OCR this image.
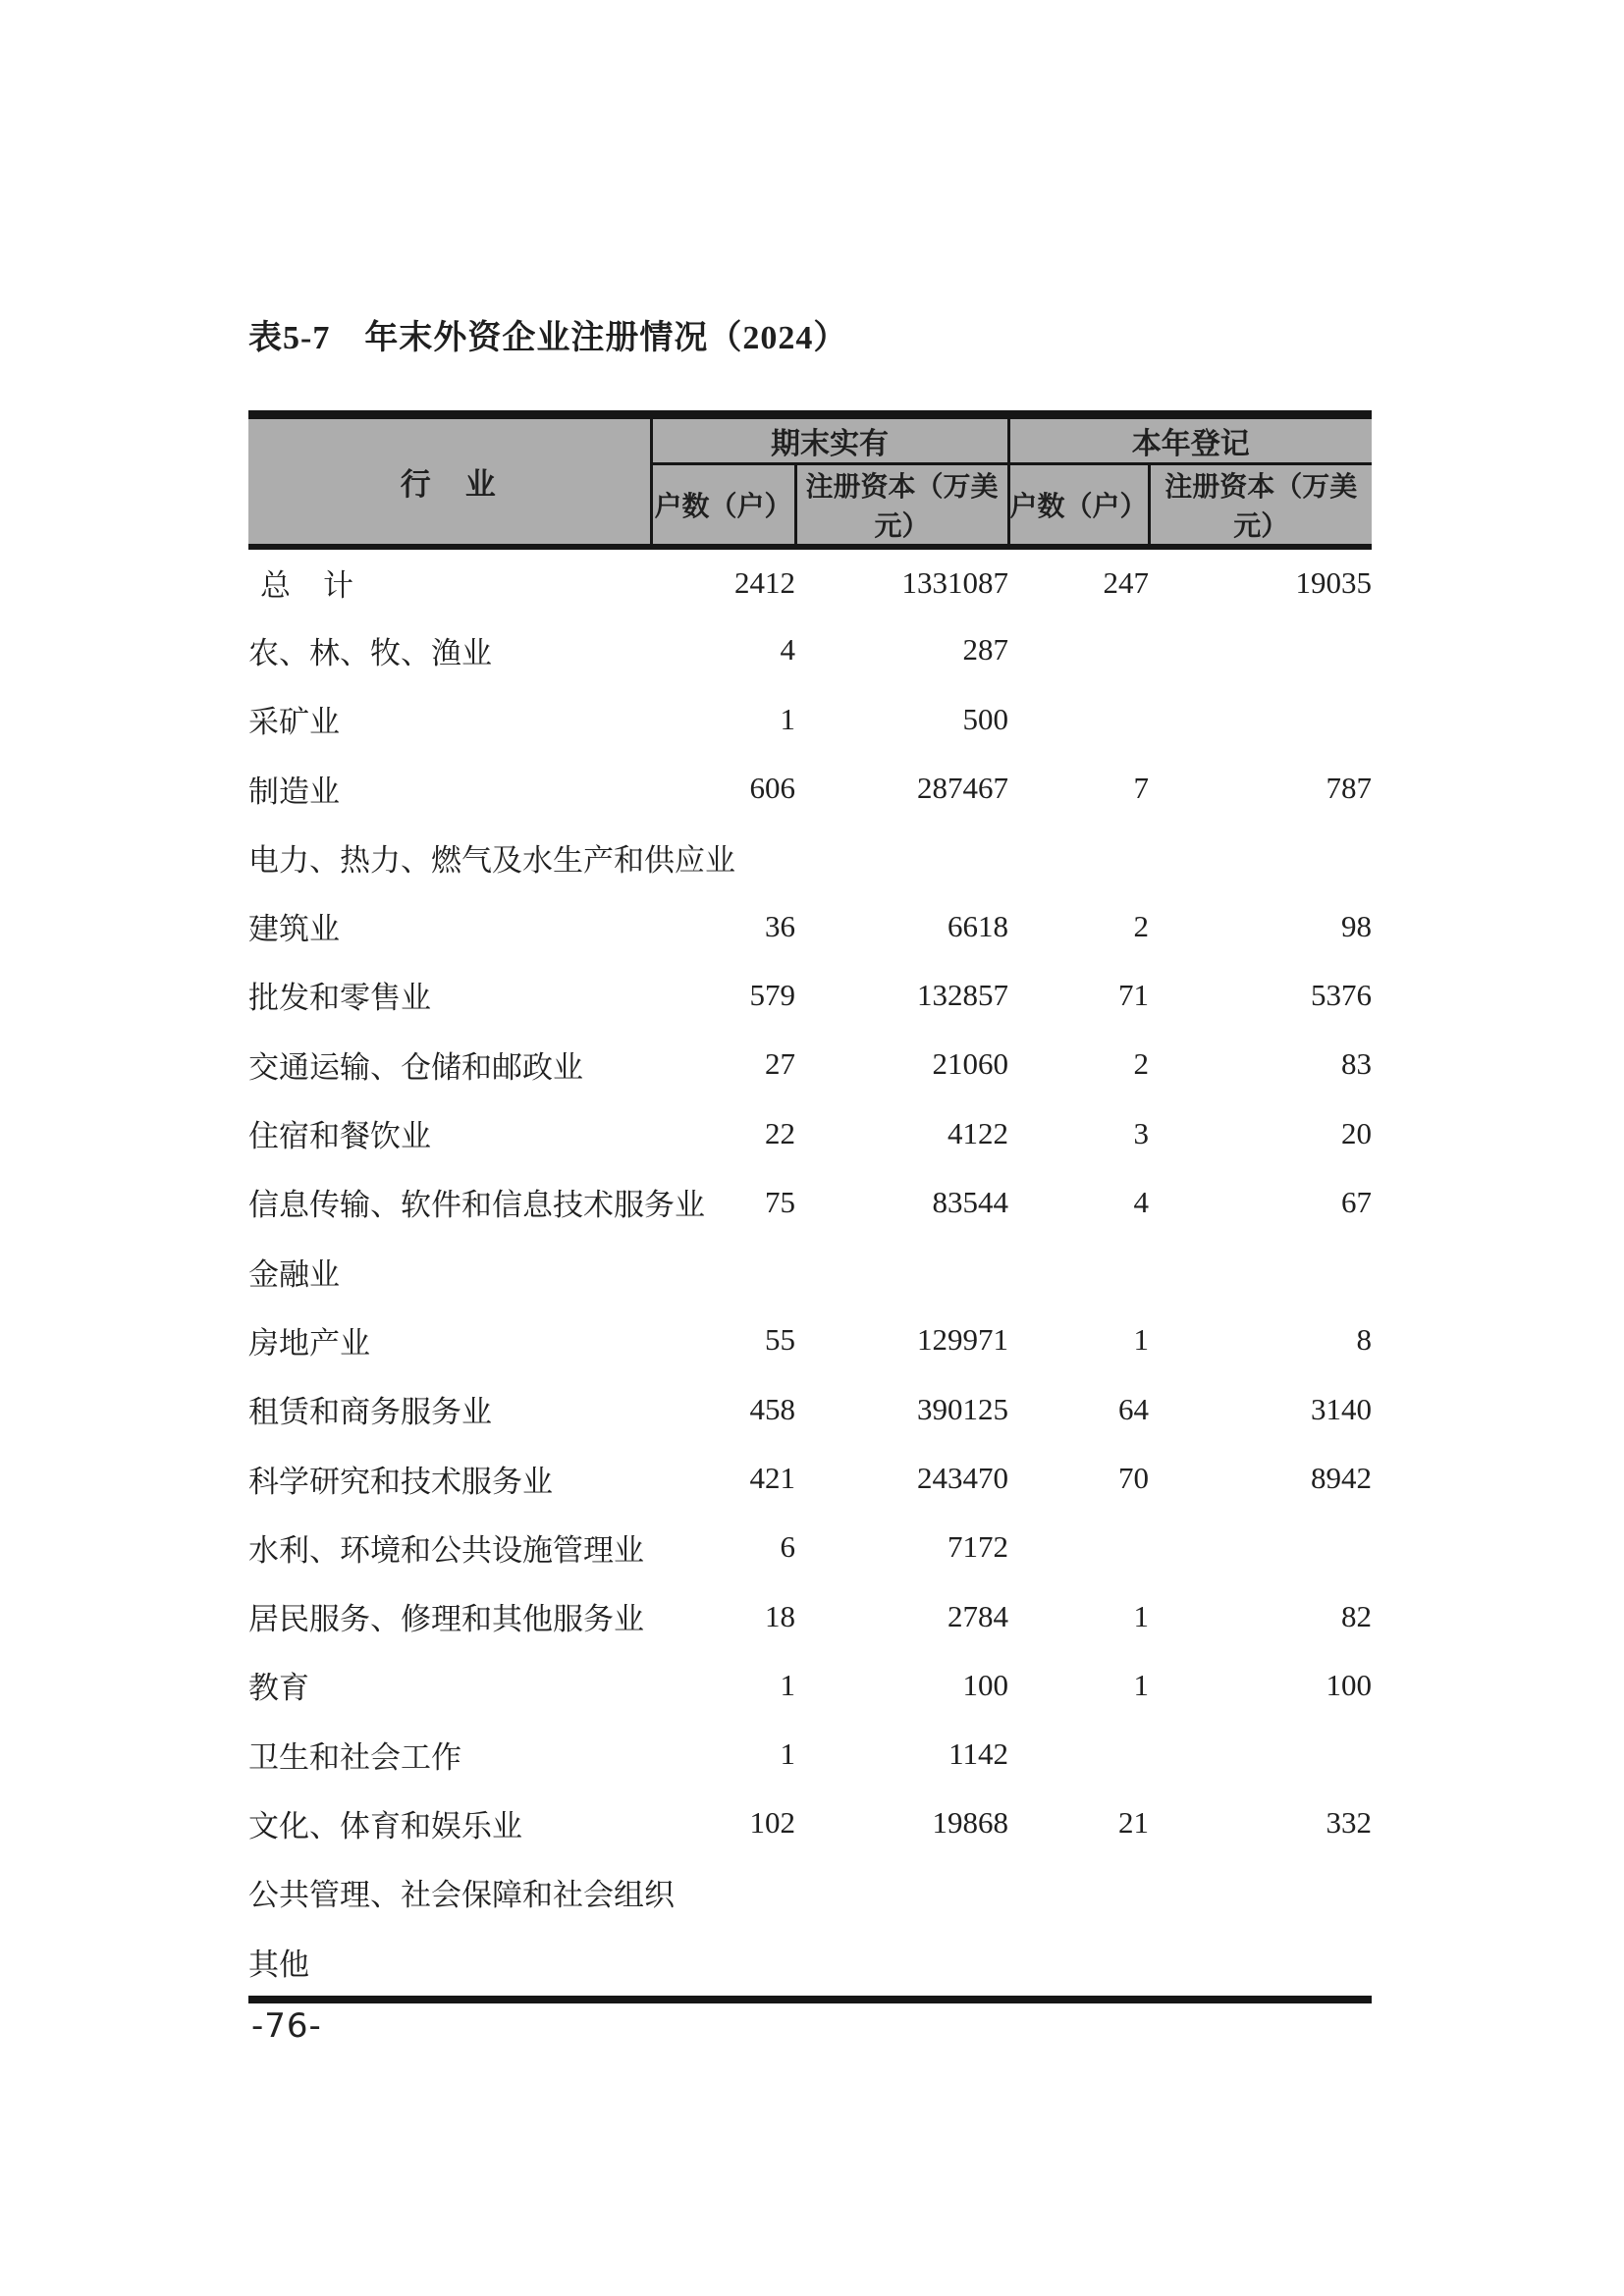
表5-7　年末外资企业注册情况（2024）
行　业	期末实有		本年登记	
	户数（户）	注册资本（万美元）	户数（户）	注册资本（万美元）
总　计	2412	1331087	247	19035
农、林、牧、渔业	4	287		
采矿业	1	500		
制造业	606	287467	7	787
电力、热力、燃气及水生产和供应业				
建筑业	36	6618	2	98
批发和零售业	579	132857	71	5376
交通运输、仓储和邮政业	27	21060	2	83
住宿和餐饮业	22	4122	3	20
信息传输、软件和信息技术服务业	75	83544	4	67
金融业				
房地产业	55	129971	1	8
租赁和商务服务业	458	390125	64	3140
科学研究和技术服务业	421	243470	70	8942
水利、环境和公共设施管理业	6	7172		
居民服务、修理和其他服务业	18	2784	1	82
教育	1	100	1	100
卫生和社会工作	1	1142		
文化、体育和娱乐业	102	19868	21	332
公共管理、社会保障和社会组织				
其他				
-76-
